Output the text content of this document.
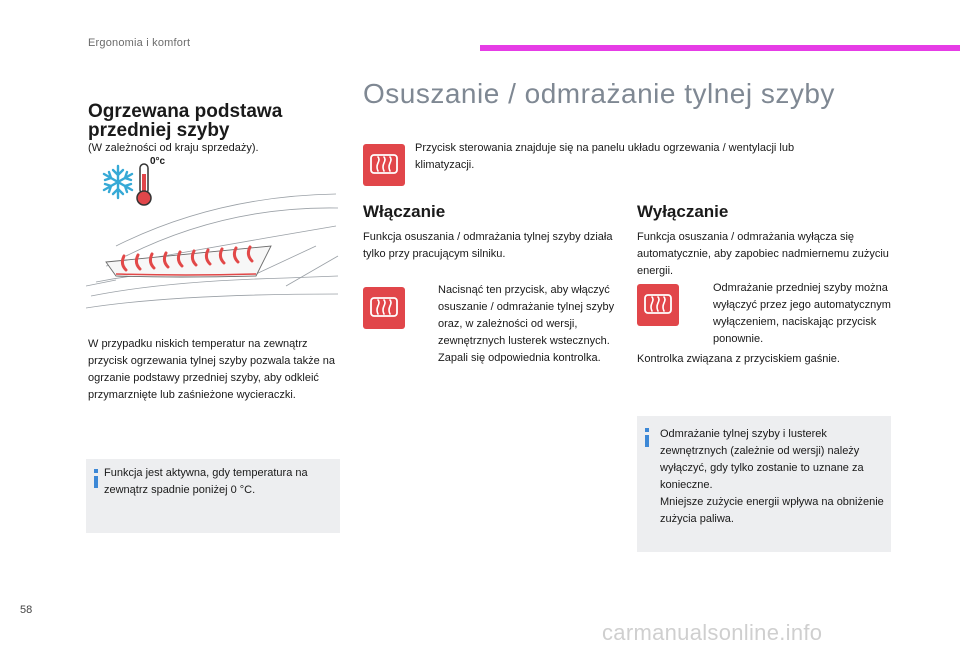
Ergonomia i komfort
Ogrzewana podstawa przedniej szyby
(W zależności od kraju sprzedaży).
0°c
W przypadku niskich temperatur na zewnątrz przycisk ogrzewania tylnej szyby pozwala także na ogrzanie podstawy przedniej szyby, aby odkleić przymarznięte lub zaśnieżone wycieraczki.
Funkcja jest aktywna, gdy temperatura na zewnątrz spadnie poniżej 0 °C.
Osuszanie / odmrażanie tylnej szyby
Przycisk sterowania znajduje się na panelu układu ogrzewania / wentylacji lub klimatyzacji.
Włączanie
Funkcja osuszania / odmrażania tylnej szyby działa tylko przy pracującym silniku.
Nacisnąć ten przycisk, aby włączyć osuszanie / odmrażanie tylnej szyby oraz, w zależności od wersji, zewnętrznych lusterek wstecznych. Zapali się odpowiednia kontrolka.
Wyłączanie
Funkcja osuszania / odmrażania wyłącza się automatycznie, aby zapobiec nadmiernemu zużyciu energii.
Odmrażanie przedniej szyby można wyłączyć przez jego automatycznym wyłączeniem, naciskając przycisk ponownie.
Kontrolka związana z przyciskiem gaśnie.
Odmrażanie tylnej szyby i lusterek zewnętrznych (zależnie od wersji) należy wyłączyć, gdy tylko zostanie to uznane za konieczne.
Mniejsze zużycie energii wpływa na obniżenie zużycia paliwa.
58
carmanualsonline.info
